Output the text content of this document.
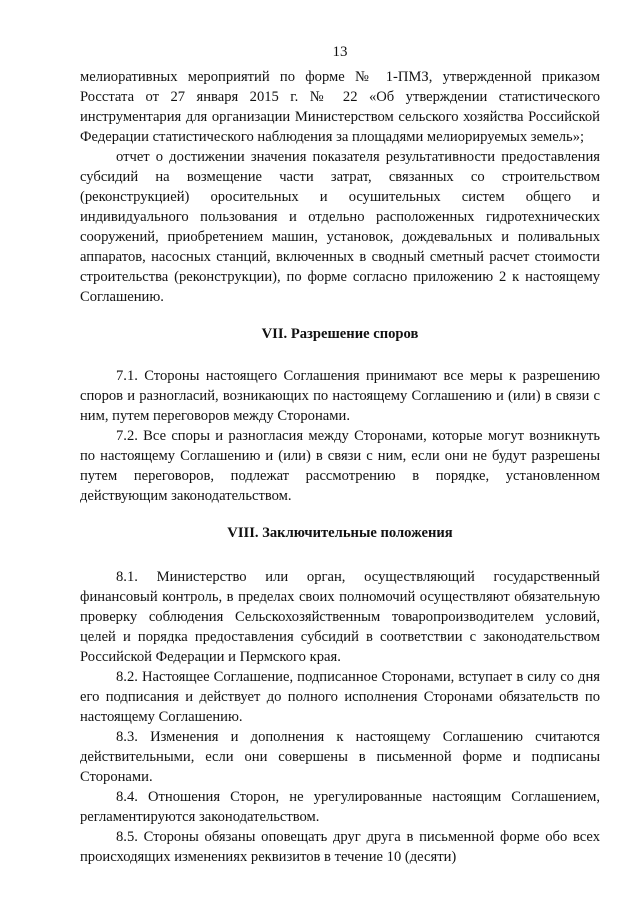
13

мелиоративных мероприятий по форме № 1-ПМЗ, утвержденной приказом Росстата от 27 января 2015 г. № 22 «Об утверждении статистического инструментария для организации Министерством сельского хозяйства Российской Федерации статистического наблюдения за площадями мелиорируемых земель»;

отчет о достижении значения показателя результативности предоставления субсидий на возмещение части затрат, связанных со строительством (реконструкцией) оросительных и осушительных систем общего и индивидуального пользования и отдельно расположенных гидротехнических сооружений, приобретением машин, установок, дождевальных и поливальных аппаратов, насосных станций, включенных в сводный сметный расчет стоимости строительства (реконструкции), по форме согласно приложению 2 к настоящему Соглашению.

VII. Разрешение споров

7.1. Стороны настоящего Соглашения принимают все меры к разрешению споров и разногласий, возникающих по настоящему Соглашению и (или) в связи с ним, путем переговоров между Сторонами.

7.2. Все споры и разногласия между Сторонами, которые могут возникнуть по настоящему Соглашению и (или) в связи с ним, если они не будут разрешены путем переговоров, подлежат рассмотрению в порядке, установленном действующим законодательством.

VIII. Заключительные положения

8.1. Министерство или орган, осуществляющий государственный финансовый контроль, в пределах своих полномочий осуществляют обязательную проверку соблюдения Сельскохозяйственным товаропроизводителем условий, целей и порядка предоставления субсидий в соответствии с законодательством Российской Федерации и Пермского края.

8.2. Настоящее Соглашение, подписанное Сторонами, вступает в силу со дня его подписания и действует до полного исполнения Сторонами обязательств по настоящему Соглашению.

8.3. Изменения и дополнения к настоящему Соглашению считаются действительными, если они совершены в письменной форме и подписаны Сторонами.

8.4. Отношения Сторон, не урегулированные настоящим Соглашением, регламентируются законодательством.

8.5. Стороны обязаны оповещать друг друга в письменной форме обо всех происходящих изменениях реквизитов в течение 10 (десяти)
